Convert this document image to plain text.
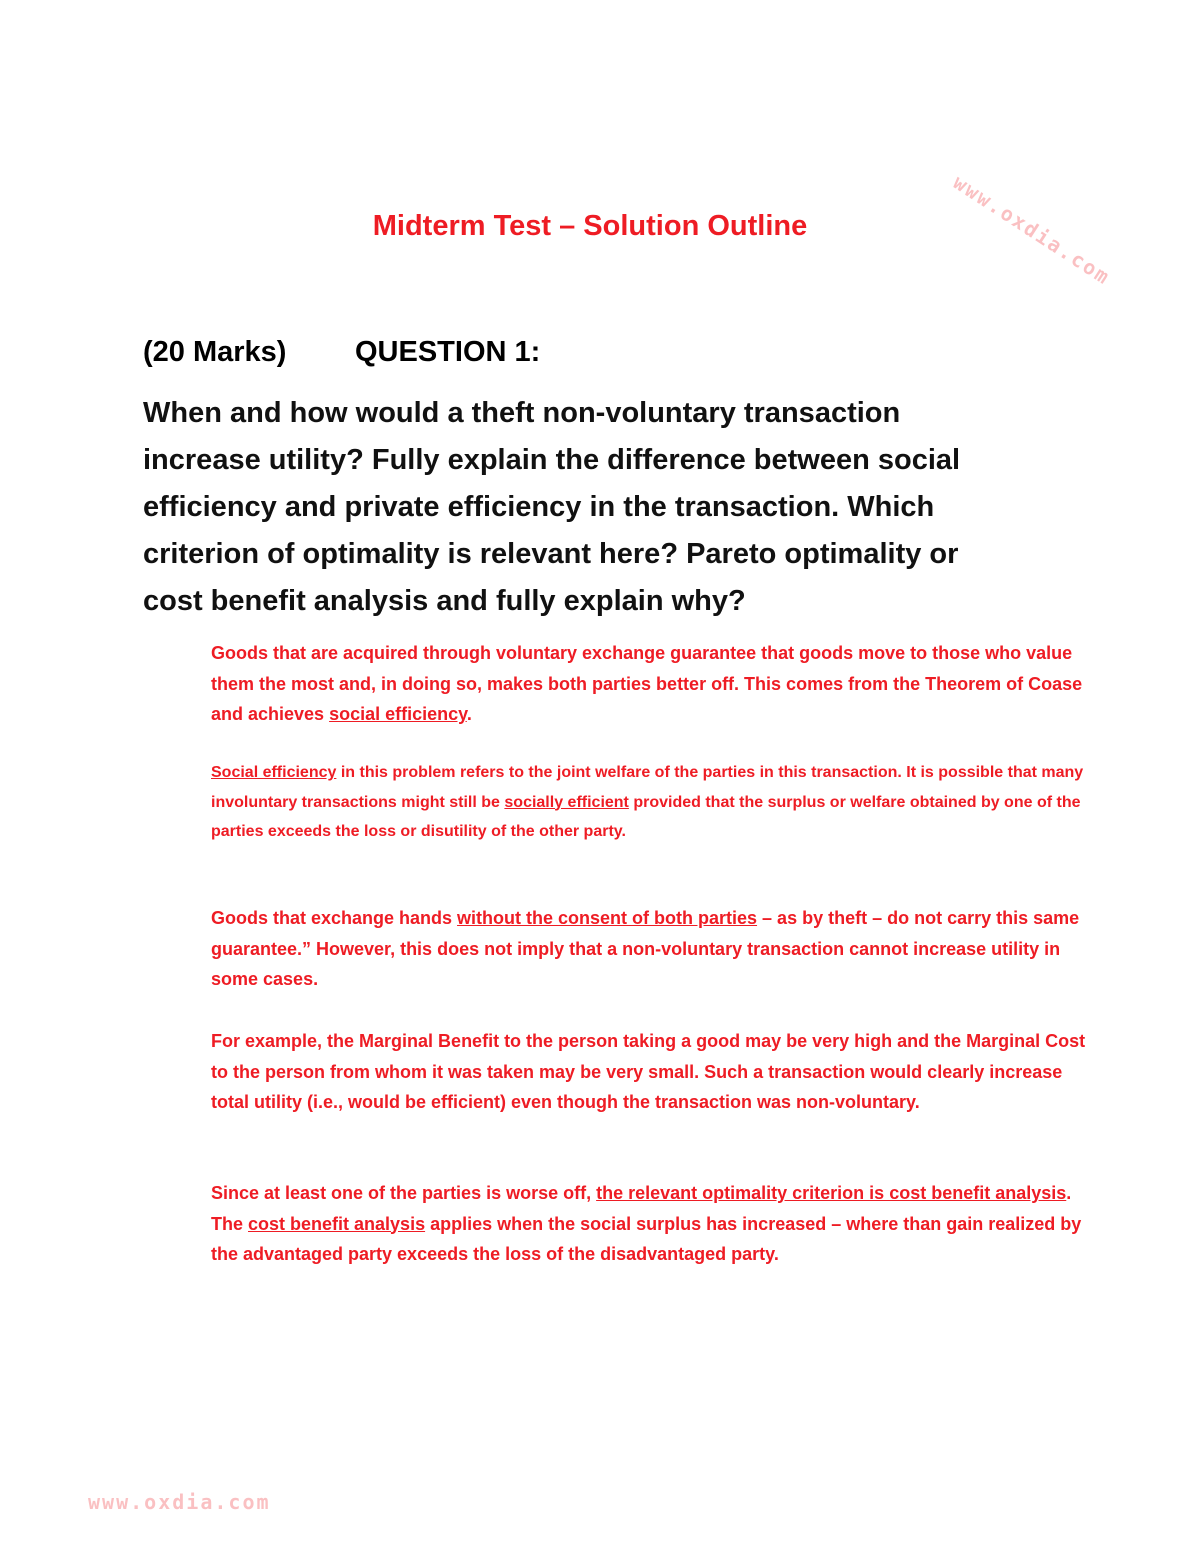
www.oxdia.com
Midterm Test – Solution Outline
(20 Marks) QUESTION 1:
When and how would a theft non-voluntary transaction
increase utility? Fully explain the difference between social
efficiency and private efficiency in the transaction. Which
criterion of optimality is relevant here? Pareto optimality or
cost benefit analysis and fully explain why?
Goods that are acquired through voluntary exchange guarantee that goods move to those who value them the most and, in doing so, makes both parties better off. This comes from the Theorem of Coase and achieves social efficiency.
Social efficiency in this problem refers to the joint welfare of the parties in this transaction. It is possible that many involuntary transactions might still be socially efficient provided that the surplus or welfare obtained by one of the parties exceeds the loss or disutility of the other party.
Goods that exchange hands without the consent of both parties – as by theft – do not carry this same guarantee.” However, this does not imply that a non-voluntary transaction cannot increase utility in some cases.
For example, the Marginal Benefit to the person taking a good may be very high and the Marginal Cost to the person from whom it was taken may be very small. Such a transaction would clearly increase total utility (i.e., would be efficient) even though the transaction was non-voluntary.
Since at least one of the parties is worse off, the relevant optimality criterion is cost benefit analysis. The cost benefit analysis applies when the social surplus has increased – where than gain realized by the advantaged party exceeds the loss of the disadvantaged party.
www.oxdia.com
